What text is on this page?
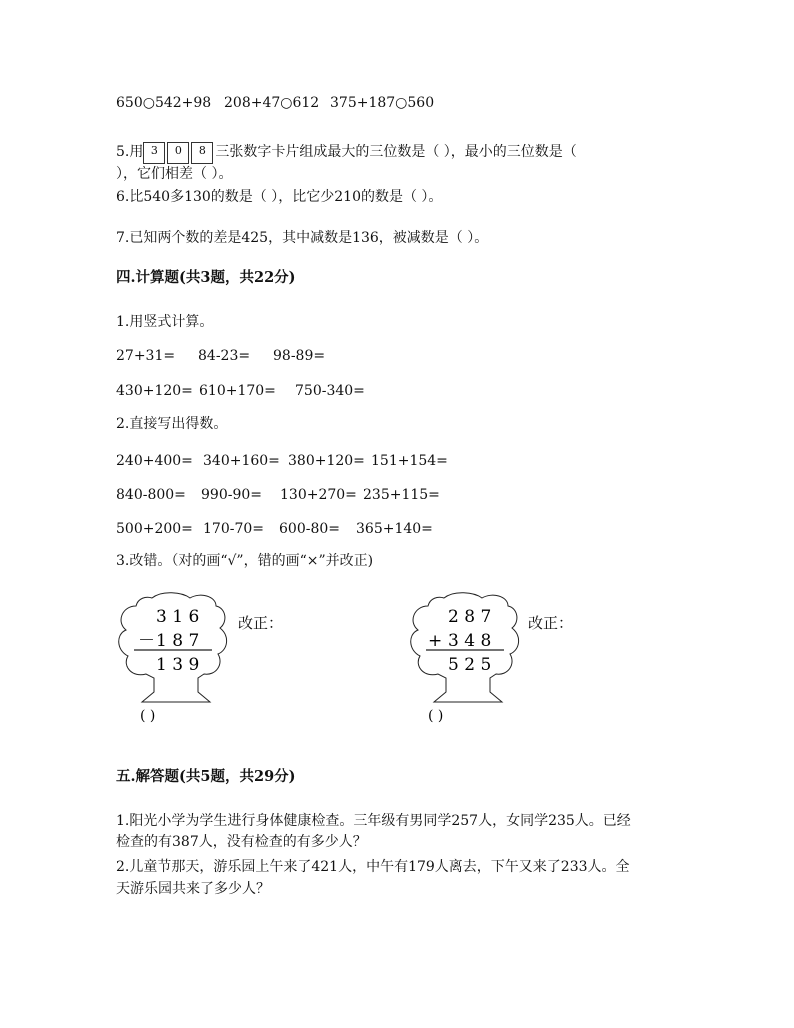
650○542+98 208+47○612 375+187○560
5.用 3 0 8 三张数字卡片组成最大的三位数是（ ），最小的三位数是（
），它们相差（ ）。
6.比540多130的数是（ ），比它少210的数是（ ）。
7.已知两个数的差是425，其中减数是136，被减数是（ ）。
四.计算题(共3题，共22分)
1.用竖式计算。
27+31= 84-23= 98-89=
430+120= 610+170= 750-340=
2.直接写出得数。
240+400= 340+160= 380+120= 151+154=
840-800= 990-90= 130+270= 235+115=
500+200= 170-70= 600-80= 365+140=
3.改错。（对的画“√”，错的画“×”并改正)
3 1 6
－ 1 8 7
1 3 9
( )
改正：	2 8 7
+ 3 4 8
5 2 5
( )
改正：
五.解答题(共5题，共29分)
1.阳光小学为学生进行身体健康检查。三年级有男同学257人，女同学235人。已经
检查的有387人，没有检查的有多少人？
2.儿童节那天，游乐园上午来了421人，中午有179人离去，下午又来了233人。全
天游乐园共来了多少人？
